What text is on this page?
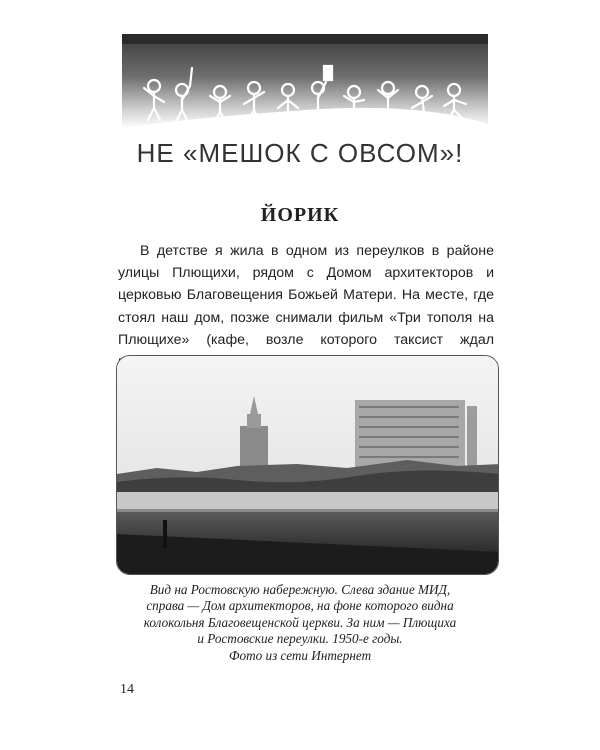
НЕ «МЕШОК С ОВСОМ»!
ЙОРИК

В детстве я жила в одном из переулков в районе улицы Плющихи, рядом с Домом архитекторов и церковью Благовещения Божьей Матери. На месте, где стоял наш дом, позже снимали фильм «Три тополя на Плющихе» (кафе, возле которого таксист ждал

Вид на Ростовскую набережную. Слева здание МИД,
справа — Дом архитекторов, на фоне которого видна
колокольня Благовещенской церкви. За ним — Плющиха
и Ростовские переулки. 1950-е годы.
Фото из сети Интернет
14
